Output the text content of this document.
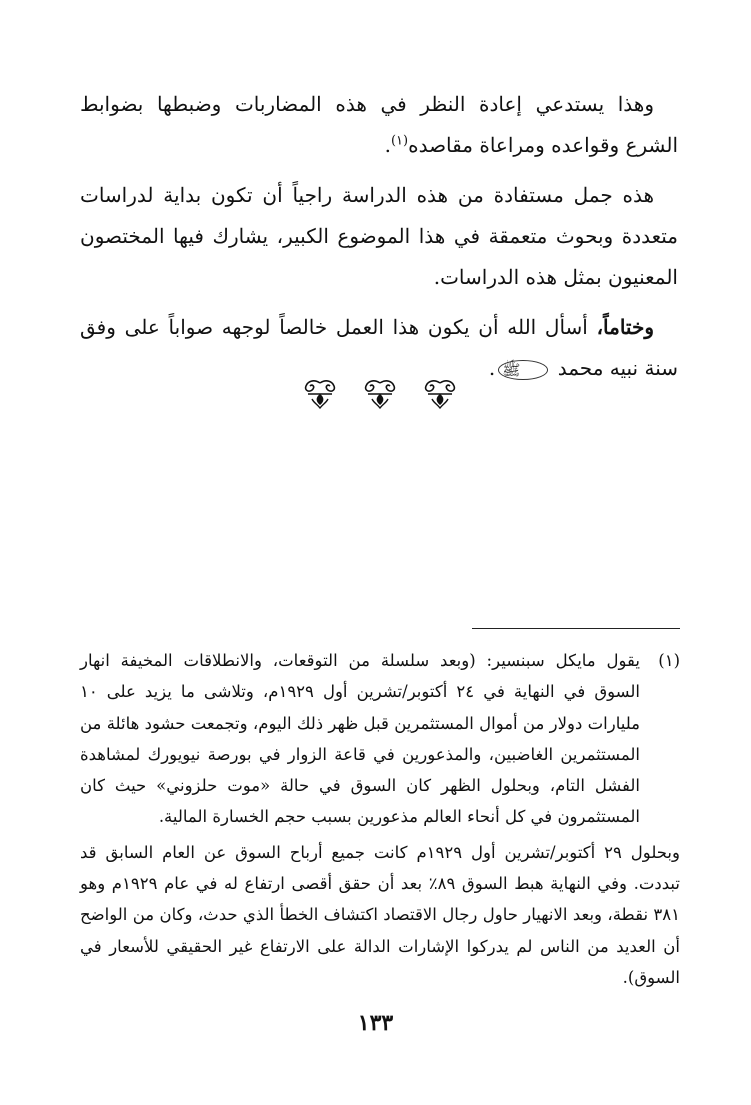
وهذا يستدعي إعادة النظر في هذه المضاربات وضبطها بضوابط الشرع وقواعده ومراعاة مقاصده$^{(١)}$.

هذه جمل مستفادة من هذه الدراسة راجياً أن تكون بداية لدراسات متعددة وبحوث متعمقة في هذا الموضوع الكبير، يشارك فيها المختصون المعنيون بمثل هذه الدراسات.

وختاماً، أسأل الله أن يكون هذا العمل خالصاً لوجهه صواباً على وفق سنة نبيه محمد ﷺ.

(١)

يقول مايكل سبنسير: (وبعد سلسلة من التوقعات، والانطلاقات المخيفة انهار السوق في النهاية في ٢٤ أكتوبر/تشرين أول ١٩٢٩م، وتلاشى ما يزيد على ١٠ مليارات دولار من أموال المستثمرين قبل ظهر ذلك اليوم، وتجمعت حشود هائلة من المستثمرين الغاضبين، والمذعورين في قاعة الزوار في بورصة نيويورك لمشاهدة الفشل التام، وبحلول الظهر كان السوق في حالة «موت حلزوني» حيث كان المستثمرون في كل أنحاء العالم مذعورين بسبب حجم الخسارة المالية.

وبحلول ٢٩ أكتوبر/تشرين أول ١٩٢٩م كانت جميع أرباح السوق عن العام السابق قد تبددت. وفي النهاية هبط السوق ٨٩٪ بعد أن حقق أقصى ارتفاع له في عام ١٩٢٩م وهو ٣٨١ نقطة، وبعد الانهيار حاول رجال الاقتصاد اكتشاف الخطأ الذي حدث، وكان من الواضح أن العديد من الناس لم يدركوا الإشارات الدالة على الارتفاع غير الحقيقي للأسعار في السوق).

١٣٣
